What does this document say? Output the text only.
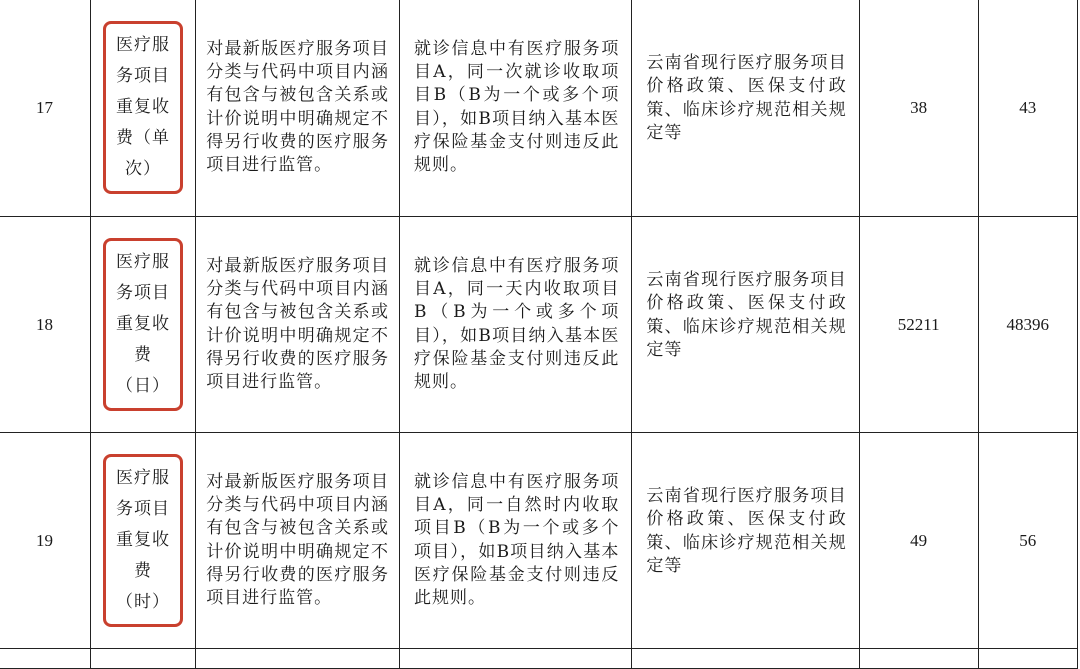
17	医疗服务项目重复收费（单次）	对最新版医疗服务项目分类与代码中项目内涵有包含与被包含关系或计价说明中明确规定不得另行收费的医疗服务项目进行监管。	就诊信息中有医疗服务项目A，同一次就诊收取项目B（B为一个或多个项目），如B项目纳入基本医疗保险基金支付则违反此规则。	云南省现行医疗服务项目价格政策、医保支付政策、临床诊疗规范相关规定等	38	43
18	医疗服务项目重复收费（日）	对最新版医疗服务项目分类与代码中项目内涵有包含与被包含关系或计价说明中明确规定不得另行收费的医疗服务项目进行监管。	就诊信息中有医疗服务项目A，同一天内收取项目B（B为一个或多个项目），如B项目纳入基本医疗保险基金支付则违反此规则。	云南省现行医疗服务项目价格政策、医保支付政策、临床诊疗规范相关规定等	52211	48396
19	医疗服务项目重复收费（时）	对最新版医疗服务项目分类与代码中项目内涵有包含与被包含关系或计价说明中明确规定不得另行收费的医疗服务项目进行监管。	就诊信息中有医疗服务项目A，同一自然时内收取项目B（B为一个或多个项目），如B项目纳入基本医疗保险基金支付则违反此规则。	云南省现行医疗服务项目价格政策、医保支付政策、临床诊疗规范相关规定等	49	56
